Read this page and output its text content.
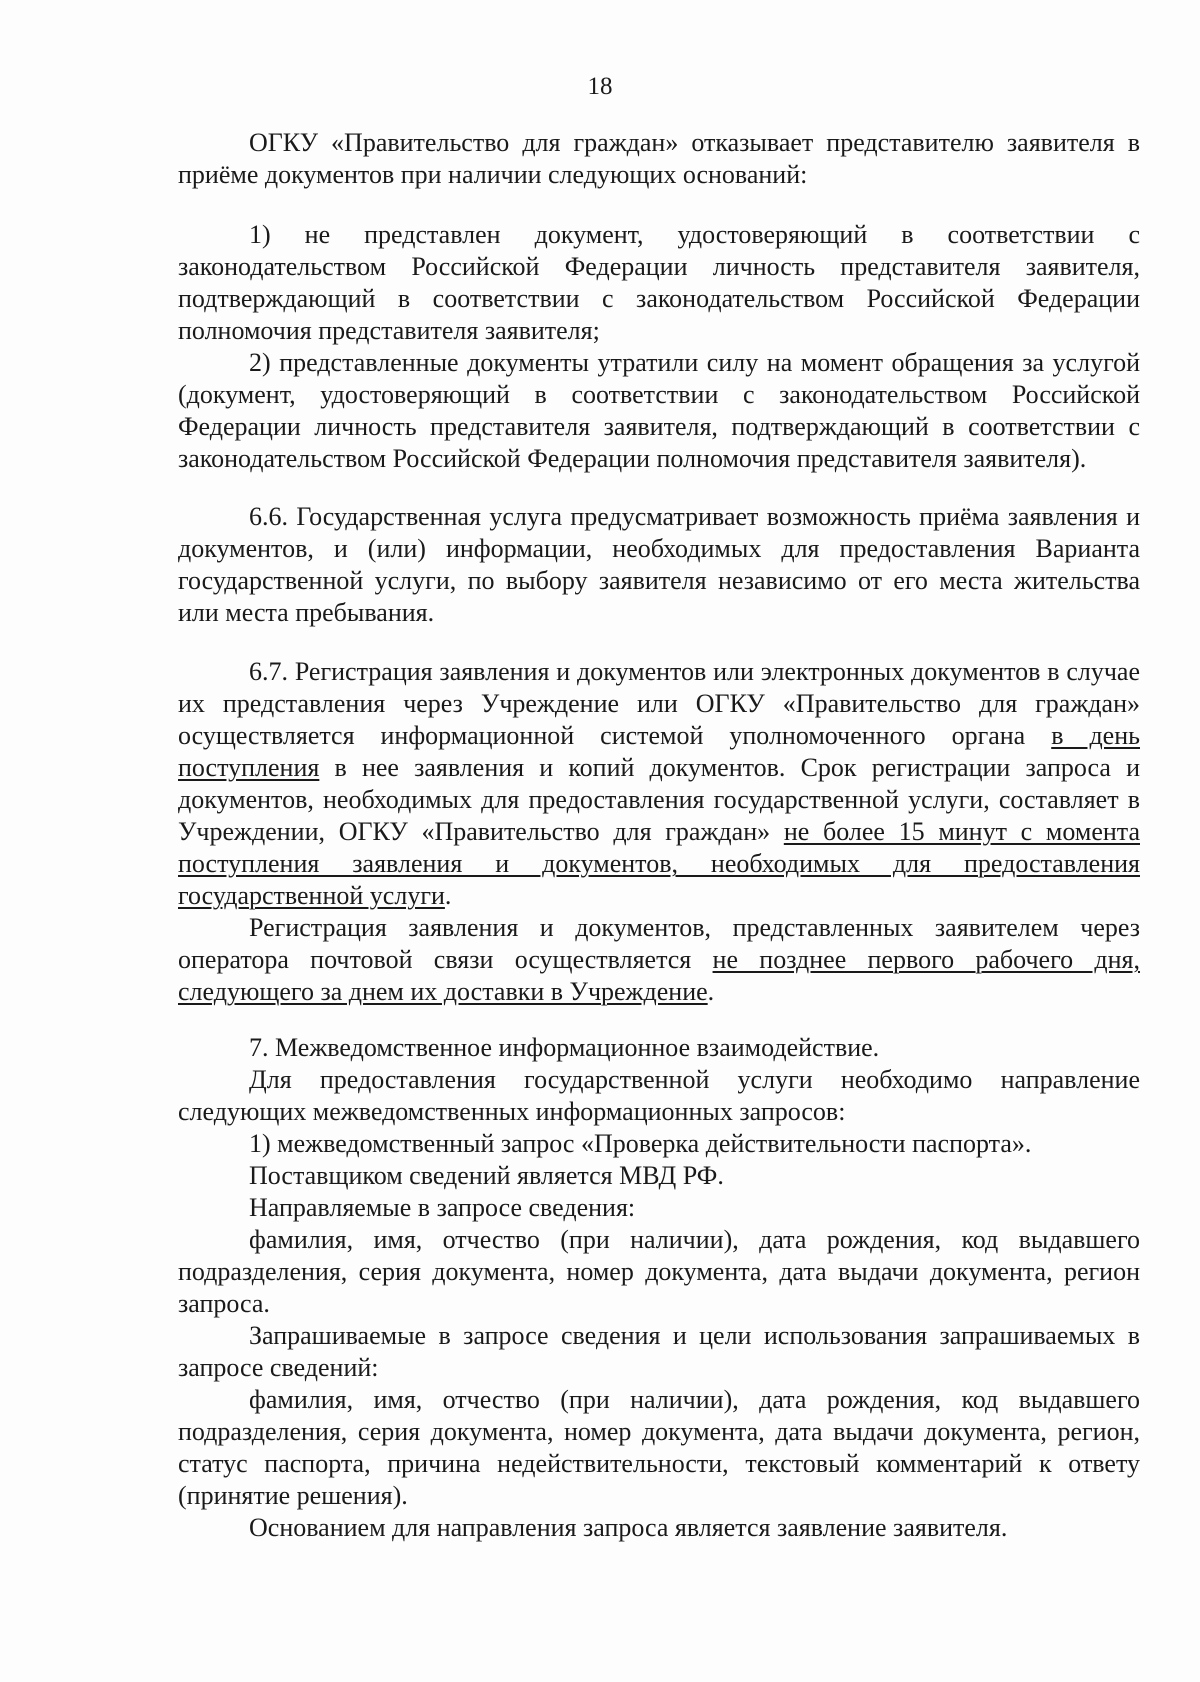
18

ОГКУ «Правительство для граждан» отказывает представителю заявителя в приёме документов при наличии следующих оснований:

1) не представлен документ, удостоверяющий в соответствии с законодательством Российской Федерации личность представителя заявителя, подтверждающий в соответствии с законодательством Российской Федерации полномочия представителя заявителя;

2) представленные документы утратили силу на момент обращения за услугой (документ, удостоверяющий в соответствии с законодательством Российской Федерации личность представителя заявителя, подтверждающий в соответствии с законодательством Российской Федерации полномочия представителя заявителя).

6.6. Государственная услуга предусматривает возможность приёма заявления и документов, и (или) информации, необходимых для предоставления Варианта государственной услуги, по выбору заявителя независимо от его места жительства или места пребывания.

6.7. Регистрация заявления и документов или электронных документов в случае их представления через Учреждение или ОГКУ «Правительство для граждан» осуществляется информационной системой уполномоченного органа в день поступления в нее заявления и копий документов. Срок регистрации запроса и документов, необходимых для предоставления государственной услуги, составляет в Учреждении, ОГКУ «Правительство для граждан» не более 15 минут с момента поступления заявления и документов, необходимых для предоставления государственной услуги.

Регистрация заявления и документов, представленных заявителем через оператора почтовой связи осуществляется не позднее первого рабочего дня, следующего за днем их доставки в Учреждение.

7. Межведомственное информационное взаимодействие.

Для предоставления государственной услуги необходимо направление следующих межведомственных информационных запросов:

1) межведомственный запрос «Проверка действительности паспорта».

Поставщиком сведений является МВД РФ.

Направляемые в запросе сведения:

фамилия, имя, отчество (при наличии), дата рождения, код выдавшего подразделения, серия документа, номер документа, дата выдачи документа, регион запроса.

Запрашиваемые в запросе сведения и цели использования запрашиваемых в запросе сведений:

фамилия, имя, отчество (при наличии), дата рождения, код выдавшего подразделения, серия документа, номер документа, дата выдачи документа, регион, статус паспорта, причина недействительности, текстовый комментарий к ответу (принятие решения).

Основанием для направления запроса является заявление заявителя.
